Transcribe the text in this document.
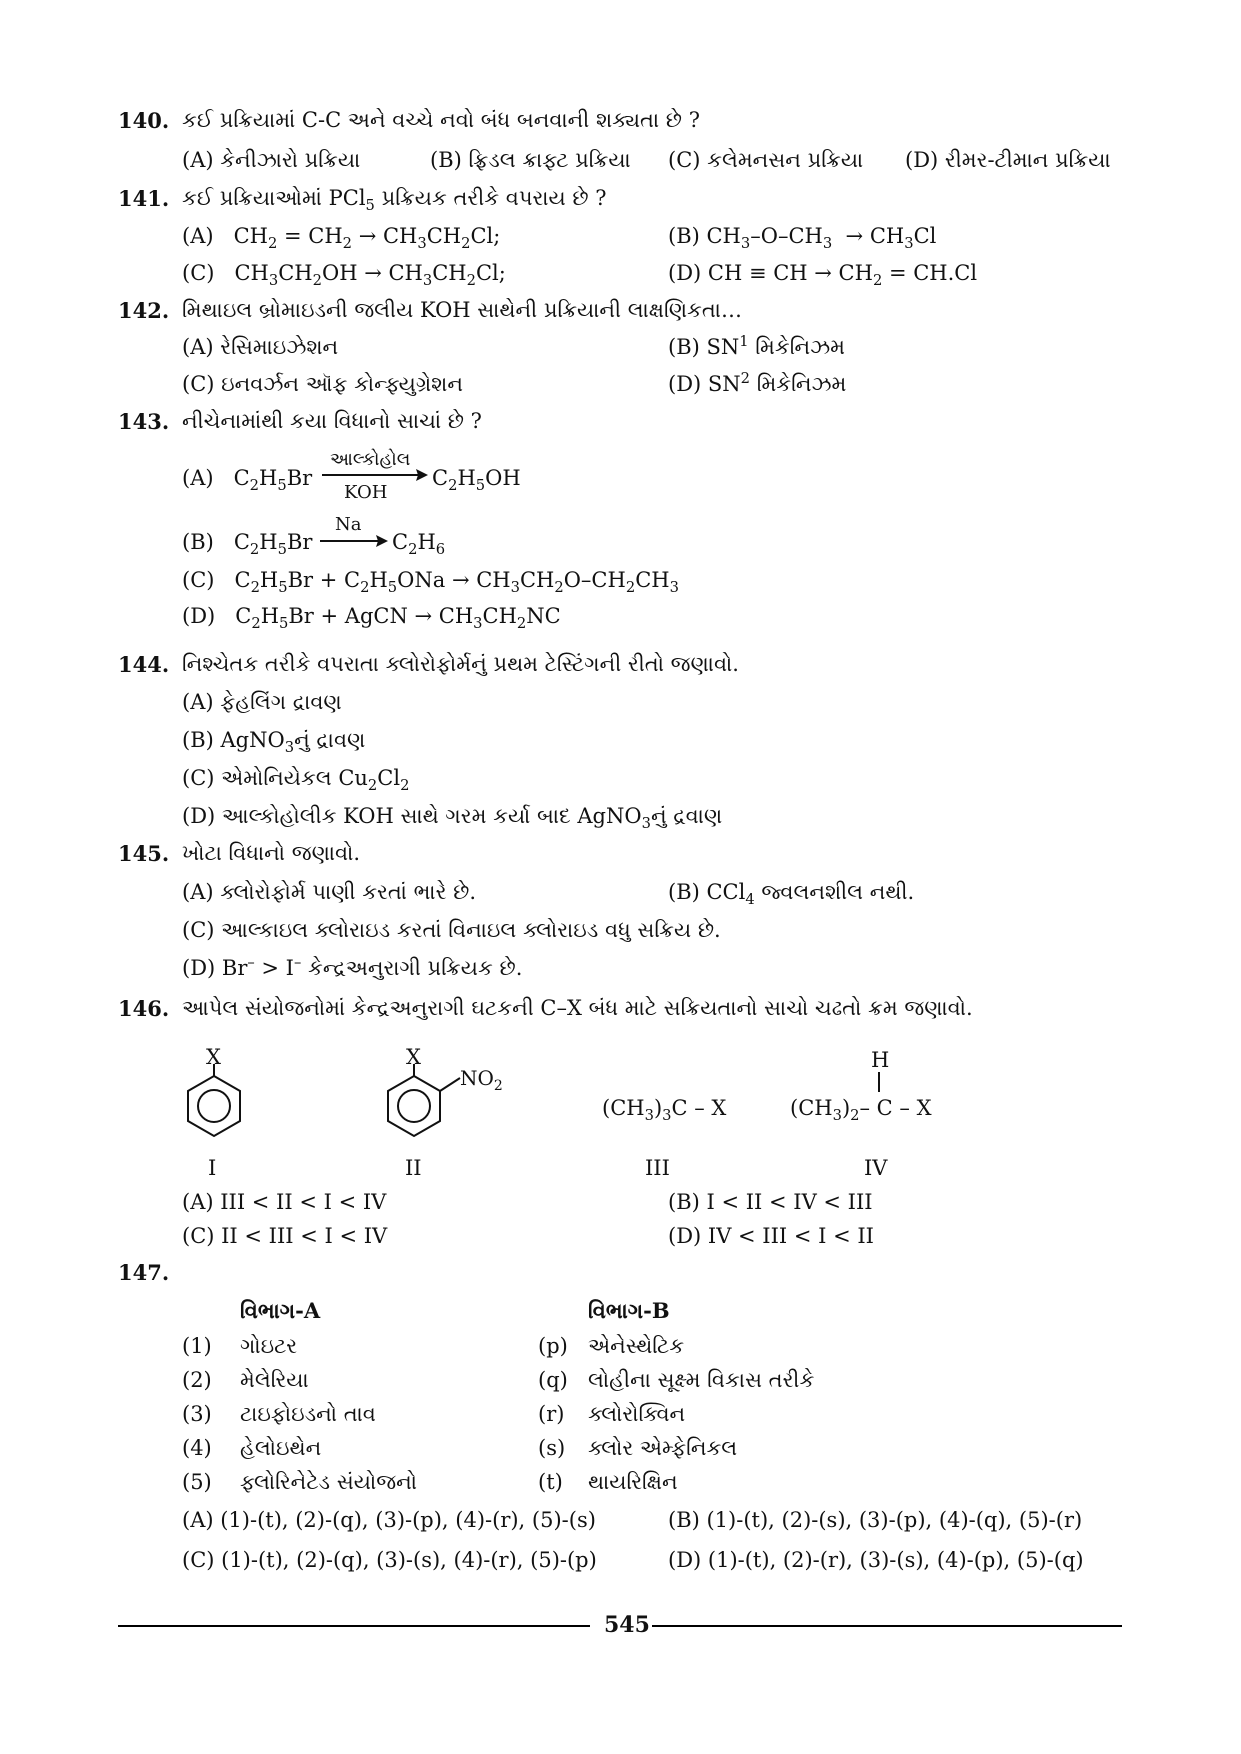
140. કઈ પ્રક્રિયામાં C-C અને વચ્ચે નવો બંધ બનવાની શક્યતા છે ?
(A) કેનીઝારો પ્રક્રિયા	(B) ફ્રિડલ ક્રાફ્ટ પ્રક્રિયા (C) કલેમનસન પ્રક્રિયા (D) રીમર-ટીમાન પ્રક્રિયા
141. કઈ પ્રક્રિયાઓમાં PCl$_5$ પ્રક્રિયક તરીકે વપરાય છે ?
(A)   $CH_2 = CH_2 \to CH_3CH_2Cl$;	(B) $CH_3-O-CH_3 \to CH_3Cl$
(C)   $CH_3CH_2OH \to CH_3CH_2Cl$;	(D) CH ≡ CH → $CH_2 = CH.Cl$
142. મિથાઇલ બ્રોમાઇડની જલીય KOH સાથેની પ્રક્રિયાની લાક્ષણિકતા…
(A) રેસિમાઇઝેશન	(B) $SN^1$ મિકેનિઝમ
(C) ઇનવર્ઝન ઑફ કોન્ફ્યુગ્રેશન	(D) $SN^2$ મિકેનિઝમ
143. નીચેનામાંથી કયા વિધાનો સાચાં છે ?
(A)   $C_2H_5Br$
આલ્કોહોલ
KOH
$C_2H_5OH$
(B)   $C_2H_5Br$
Na
→ $C_2H_6$
(C)   $C_2H_5Br + C_2H_5ONa \to CH_3CH_2O-CH_2CH_3$
(D)   $C_2H_5Br$ + AgCN → $CH_3CH_2NC$
144. નિશ્ચેતક તરીકે વપરાતા ક્લોરોફોર્મનું પ્રથમ ટેસ્ટિંગની રીતો જણાવો.
(A) ફેહલિંગ દ્રાવણ
(B) AgNO$_3$નું દ્રાવણ
(C) એમોનિયેકલ $Cu_2Cl_2$
(D) આલ્કોહોલીક KOH સાથે ગરમ કર્યા બાદ AgNO$_3$નું દ્રવાણ
145. ખોટા વિધાનો જણાવો.
(A) ક્લોરોફોર્મ પાણી કરતાં ભારે છે.	(B) CCl$_4$ જ્વલનશીલ નથી.
(C) આલ્કાઇલ ક્લોરાઇડ કરતાં વિનાઇલ ક્લોરાઇડ વધુ સક્રિય છે.
(D) Br– > I– કેન્દ્રઅનુરાગી પ્રક્રિયક છે.
146. આપેલ સંયોજનોમાં કેન્દ્રઅનુરાગી ઘટકની C–X બંધ માટે સક્રિયતાનો સાચો ચઢતો ક્રમ જણાવો.
X
I
X
$NO_2$
II
$(CH_3)_3C$ – X
III
H
$(CH_3)_2-$ C – X
IV
(A) III < II < I < IV	(B) I < II < IV < III
(C) II < III < I < IV	(D) IV < III < I < II
147.
વિભાગ-A	વિભાગ-B
(1) ગોઇટર	(p) એનેસ્થેટિક
(2) મેલેરિયા	(q) લોહીના સૂક્ષ્મ વિકાસ તરીકે
(3) ટાઇફોઇડનો તાવ	(r) ક્લોરોક્વિન
(4) હેલોઇથેન	(s) ક્લોર એમ્ફેનિકલ
(5) ફ્લોરિનેટેડ સંયોજનો	(t) થાયરિક્ષિન
(A) (1)-(t), (2)-(q), (3)-(p), (4)-(r), (5)-(s)	(B) (1)-(t), (2)-(s), (3)-(p), (4)-(q), (5)-(r)
(C) (1)-(t), (2)-(q), (3)-(s), (4)-(r), (5)-(p)	(D) (1)-(t), (2)-(r), (3)-(s), (4)-(p), (5)-(q)
545
